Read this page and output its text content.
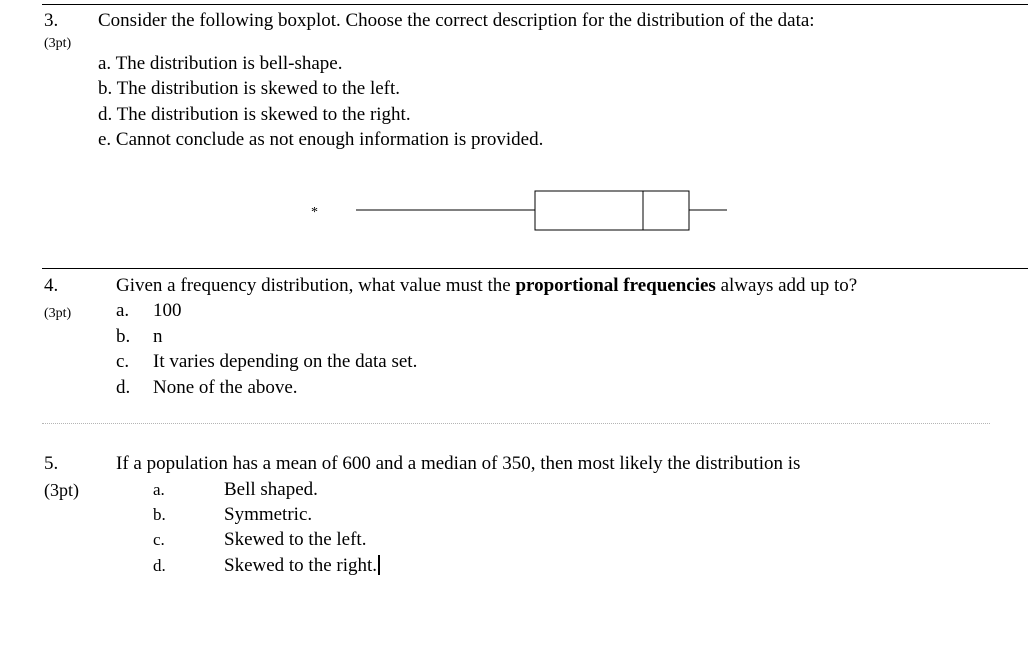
3.
(3pt)
Consider the following boxplot. Choose the correct description for the distribution of the data:
a. The distribution is bell-shape.
b. The distribution is skewed to the left.
d. The distribution is skewed to the right.
e. Cannot conclude as not enough information is provided.
*
4.
(3pt)
Given a frequency distribution, what value must the proportional frequencies always add up to?
a. 100
b. n
c. It varies depending on the data set.
d. None of the above.
5.
(3pt)
If a population has a mean of 600 and a median of 350, then most likely the distribution is
a.	Bell shaped.
b.	Symmetric.
c.	Skewed to the left.
d.	Skewed to the right.
